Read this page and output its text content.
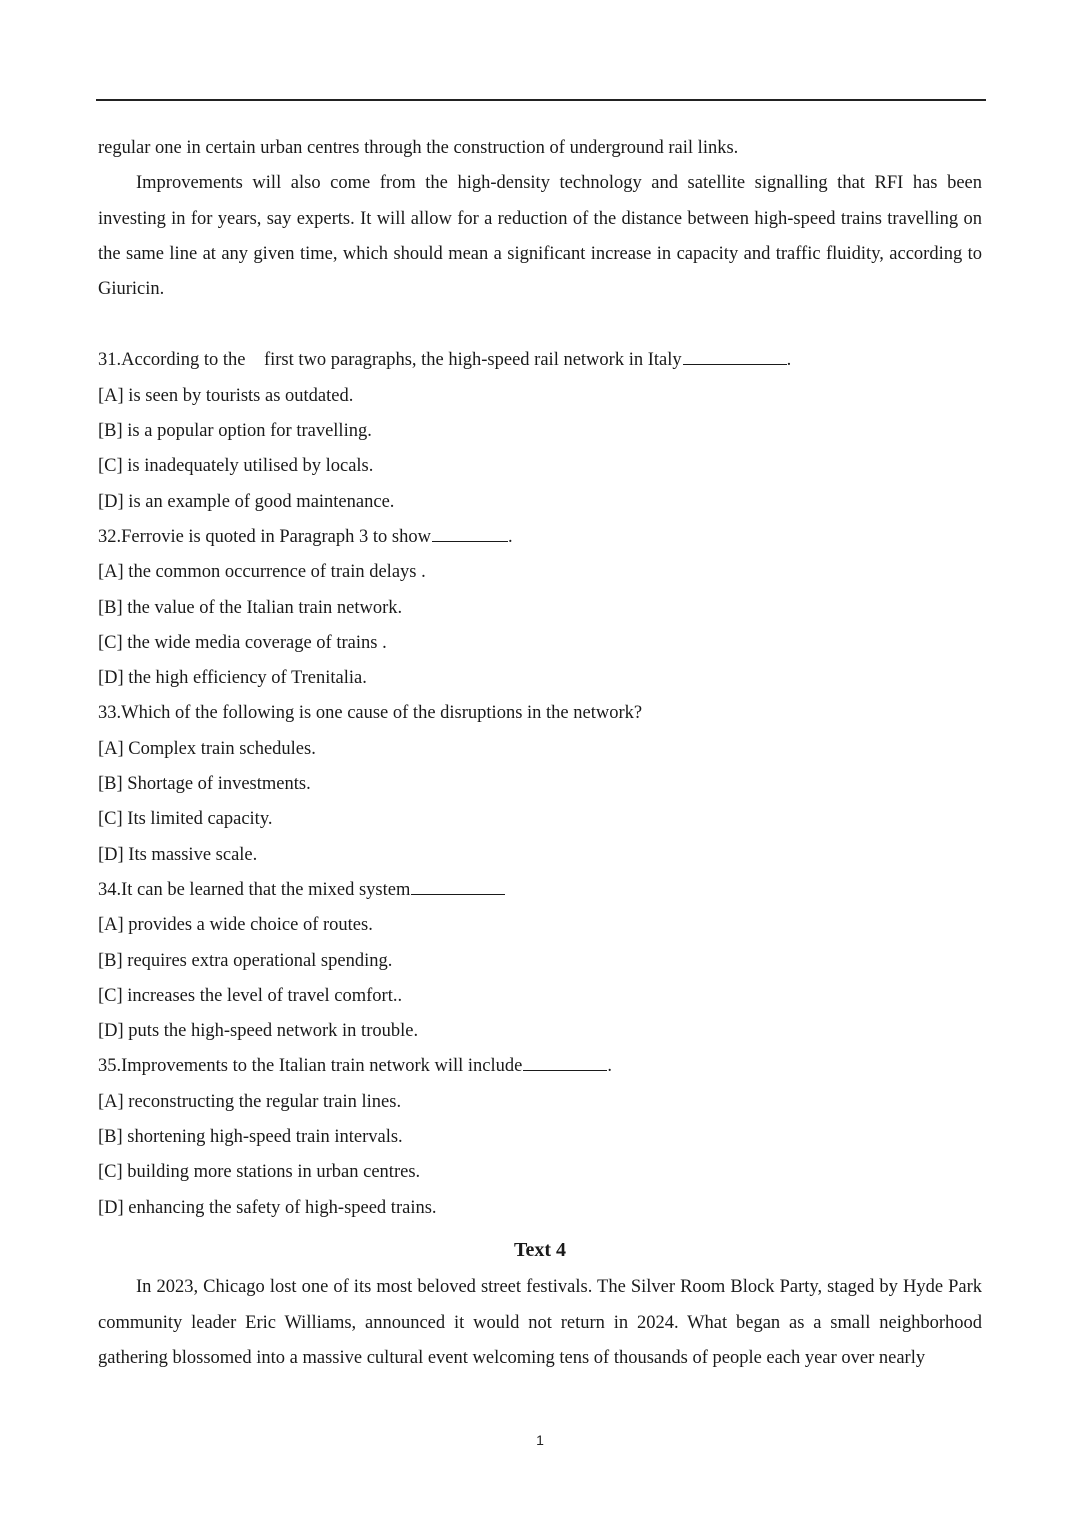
regular one in certain urban centres through the construction of underground rail links.

Improvements will also come from the high-density technology and satellite signalling that RFI has been investing in for years, say experts. It will allow for a reduction of the distance between high-speed trains travelling on the same line at any given time, which should mean a significant increase in capacity and traffic fluidity, according to Giuricin.

31.According to the    first two paragraphs, the high-speed rail network in Italy	.

[A] is seen by tourists as outdated.

[B] is a popular option for travelling.

[C] is inadequately utilised by locals.

[D] is an example of good maintenance.

32.Ferrovie is quoted in Paragraph 3 to show	.

[A] the common occurrence of train delays .

[B] the value of the Italian train network.

[C] the wide media coverage of trains .

[D] the high efficiency of Trenitalia.

33.Which of the following is one cause of the disruptions in the network?

[A] Complex train schedules.

[B] Shortage of investments.

[C] Its limited capacity.

[D] Its massive scale.

34.It can be learned that the mixed system

[A] provides a wide choice of routes.

[B] requires extra operational spending.

[C] increases the level of travel comfort..

[D] puts the high-speed network in trouble.

35.Improvements to the Italian train network will include	.

[A] reconstructing the regular train lines.

[B] shortening high-speed train intervals.

[C] building more stations in urban centres.

[D] enhancing the safety of high-speed trains.

Text 4

In 2023, Chicago lost one of its most beloved street festivals. The Silver Room Block Party, staged by Hyde Park community leader Eric Williams, announced it would not return in 2024. What began as a small neighborhood gathering blossomed into a massive cultural event welcoming tens of thousands of people each year over nearly

1
